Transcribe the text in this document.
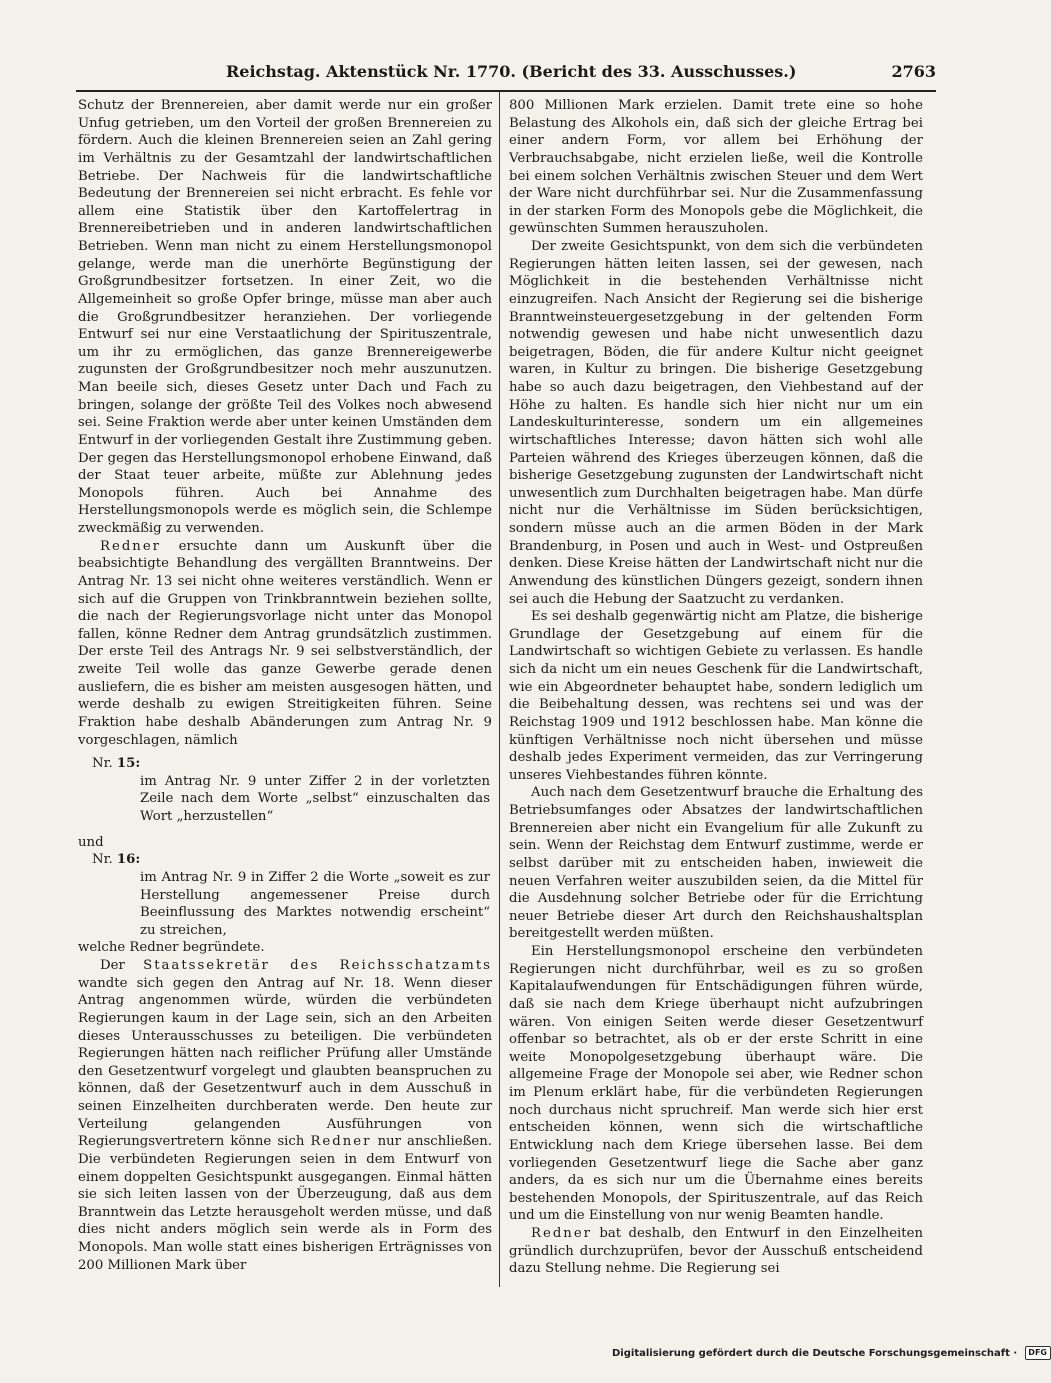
Reichstag. Aktenstück Nr. 1770. (Bericht des 33. Ausschusses.)	2763

Schutz der Brennereien, aber damit werde nur ein großer Unfug getrieben, um den Vorteil der großen Brennereien zu fördern. Auch die kleinen Brennereien seien an Zahl gering im Verhältnis zu der Gesamtzahl der landwirtschaftlichen Betriebe. Der Nachweis für die landwirtschaftliche Bedeutung der Brennereien sei nicht erbracht. Es fehle vor allem eine Statistik über den Kartoffelertrag in Brennereibetrieben und in anderen landwirtschaftlichen Betrieben. Wenn man nicht zu einem Herstellungsmonopol gelange, werde man die unerhörte Begünstigung der Großgrundbesitzer fortsetzen. In einer Zeit, wo die Allgemeinheit so große Opfer bringe, müsse man aber auch die Großgrundbesitzer heranziehen. Der vorliegende Entwurf sei nur eine Verstaatlichung der Spirituszentrale, um ihr zu ermöglichen, das ganze Brennereigewerbe zugunsten der Großgrundbesitzer noch mehr auszunutzen. Man beeile sich, dieses Gesetz unter Dach und Fach zu bringen, solange der größte Teil des Volkes noch abwesend sei. Seine Fraktion werde aber unter keinen Umständen dem Entwurf in der vorliegenden Gestalt ihre Zustimmung geben. Der gegen das Herstellungsmonopol erhobene Einwand, daß der Staat teuer arbeite, müßte zur Ablehnung jedes Monopols führen. Auch bei Annahme des Herstellungsmonopols werde es möglich sein, die Schlempe zweckmäßig zu verwenden.

Redner ersuchte dann um Auskunft über die beabsichtigte Behandlung des vergällten Branntweins. Der Antrag Nr. 13 sei nicht ohne weiteres verständlich. Wenn er sich auf die Gruppen von Trinkbranntwein beziehen sollte, die nach der Regierungsvorlage nicht unter das Monopol fallen, könne Redner dem Antrag grundsätzlich zustimmen. Der erste Teil des Antrags Nr. 9 sei selbstverständlich, der zweite Teil wolle das ganze Gewerbe gerade denen ausliefern, die es bisher am meisten ausgesogen hätten, und werde deshalb zu ewigen Streitigkeiten führen. Seine Fraktion habe deshalb Abänderungen zum Antrag Nr. 9 vorgeschlagen, nämlich

Nr. 15:

im Antrag Nr. 9 unter Ziffer 2 in der vorletzten Zeile nach dem Worte „selbst“ einzuschalten das Wort „herzustellen“

und

Nr. 16:

im Antrag Nr. 9 in Ziffer 2 die Worte „soweit es zur Herstellung angemessener Preise durch Beeinflussung des Marktes notwendig erscheint“ zu streichen,

welche Redner begründete.

Der Staatssekretär des Reichsschatzamts wandte sich gegen den Antrag auf Nr. 18. Wenn dieser Antrag angenommen würde, würden die verbündeten Regierungen kaum in der Lage sein, sich an den Arbeiten dieses Unterausschusses zu beteiligen. Die verbündeten Regierungen hätten nach reiflicher Prüfung aller Umstände den Gesetzentwurf vorgelegt und glaubten beanspruchen zu können, daß der Gesetzentwurf auch in dem Ausschuß in seinen Einzelheiten durchberaten werde. Den heute zur Verteilung gelangenden Ausführungen von Regierungsvertretern könne sich Redner nur anschließen. Die verbündeten Regierungen seien in dem Entwurf von einem doppelten Gesichtspunkt ausgegangen. Einmal hätten sie sich leiten lassen von der Überzeugung, daß aus dem Branntwein das Letzte herausgeholt werden müsse, und daß dies nicht anders möglich sein werde als in Form des Monopols. Man wolle statt eines bisherigen Erträgnisses von 200 Millionen Mark über

800 Millionen Mark erzielen. Damit trete eine so hohe Belastung des Alkohols ein, daß sich der gleiche Ertrag bei einer andern Form, vor allem bei Erhöhung der Verbrauchsabgabe, nicht erzielen ließe, weil die Kontrolle bei einem solchen Verhältnis zwischen Steuer und dem Wert der Ware nicht durchführbar sei. Nur die Zusammenfassung in der starken Form des Monopols gebe die Möglichkeit, die gewünschten Summen herauszuholen.

Der zweite Gesichtspunkt, von dem sich die verbündeten Regierungen hätten leiten lassen, sei der gewesen, nach Möglichkeit in die bestehenden Verhältnisse nicht einzugreifen. Nach Ansicht der Regierung sei die bisherige Branntweinsteuergesetzgebung in der geltenden Form notwendig gewesen und habe nicht unwesentlich dazu beigetragen, Böden, die für andere Kultur nicht geeignet waren, in Kultur zu bringen. Die bisherige Gesetzgebung habe so auch dazu beigetragen, den Viehbestand auf der Höhe zu halten. Es handle sich hier nicht nur um ein Landeskulturinteresse, sondern um ein allgemeines wirtschaftliches Interesse; davon hätten sich wohl alle Parteien während des Krieges überzeugen können, daß die bisherige Gesetzgebung zugunsten der Landwirtschaft nicht unwesentlich zum Durchhalten beigetragen habe. Man dürfe nicht nur die Verhältnisse im Süden berücksichtigen, sondern müsse auch an die armen Böden in der Mark Brandenburg, in Posen und auch in West- und Ostpreußen denken. Diese Kreise hätten der Landwirtschaft nicht nur die Anwendung des künstlichen Düngers gezeigt, sondern ihnen sei auch die Hebung der Saatzucht zu verdanken.

Es sei deshalb gegenwärtig nicht am Platze, die bisherige Grundlage der Gesetzgebung auf einem für die Landwirtschaft so wichtigen Gebiete zu verlassen. Es handle sich da nicht um ein neues Geschenk für die Landwirtschaft, wie ein Abgeordneter behauptet habe, sondern lediglich um die Beibehaltung dessen, was rechtens sei und was der Reichstag 1909 und 1912 beschlossen habe. Man könne die künftigen Verhältnisse noch nicht übersehen und müsse deshalb jedes Experiment vermeiden, das zur Verringerung unseres Viehbestandes führen könnte.

Auch nach dem Gesetzentwurf brauche die Erhaltung des Betriebsumfanges oder Absatzes der landwirtschaftlichen Brennereien aber nicht ein Evangelium für alle Zukunft zu sein. Wenn der Reichstag dem Entwurf zustimme, werde er selbst darüber mit zu entscheiden haben, inwieweit die neuen Verfahren weiter auszubilden seien, da die Mittel für die Ausdehnung solcher Betriebe oder für die Errichtung neuer Betriebe dieser Art durch den Reichshaushaltsplan bereitgestellt werden müßten.

Ein Herstellungsmonopol erscheine den verbündeten Regierungen nicht durchführbar, weil es zu so großen Kapitalaufwendungen für Entschädigungen führen würde, daß sie nach dem Kriege überhaupt nicht aufzubringen wären. Von einigen Seiten werde dieser Gesetzentwurf offenbar so betrachtet, als ob er der erste Schritt in eine weite Monopolgesetzgebung überhaupt wäre. Die allgemeine Frage der Monopole sei aber, wie Redner schon im Plenum erklärt habe, für die verbündeten Regierungen noch durchaus nicht spruchreif. Man werde sich hier erst entscheiden können, wenn sich die wirtschaftliche Entwicklung nach dem Kriege übersehen lasse. Bei dem vorliegenden Gesetzentwurf liege die Sache aber ganz anders, da es sich nur um die Übernahme eines bereits bestehenden Monopols, der Spirituszentrale, auf das Reich und um die Einstellung von nur wenig Beamten handle.

Redner bat deshalb, den Entwurf in den Einzelheiten gründlich durchzuprüfen, bevor der Ausschuß entscheidend dazu Stellung nehme. Die Regierung sei

Digitalisierung gefördert durch die Deutsche Forschungsgemeinschaft · DFG
